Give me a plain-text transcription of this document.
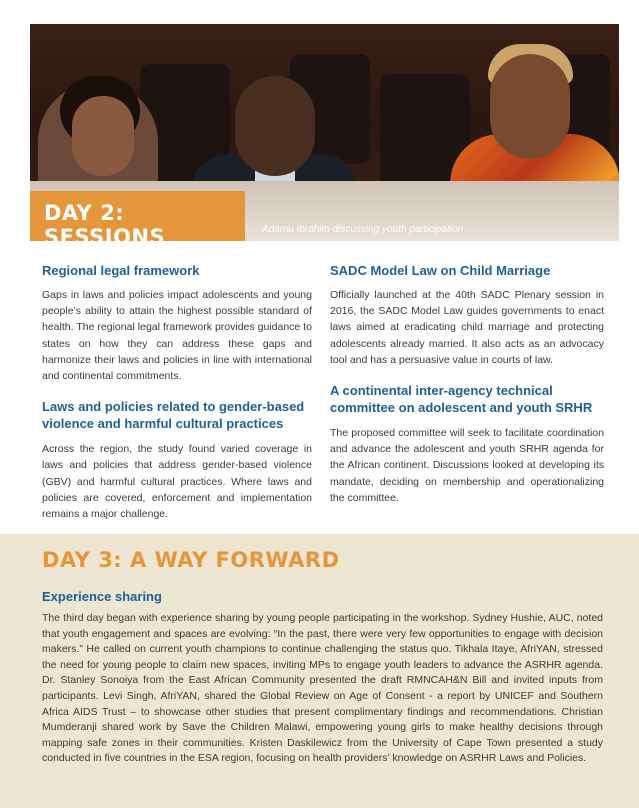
DAY 2: SESSIONS	Adamu Ibrahim discussing youth participation
Regional legal framework

Gaps in laws and policies impact adolescents and young people’s ability to attain the highest possible standard of health. The regional legal framework provides guidance to states on how they can address these gaps and harmonize their laws and policies in line with international and continental commitments.

Laws and policies related to gender-based violence and harmful cultural practices

Across the region, the study found varied coverage in laws and policies that address gender-based violence (GBV) and harmful cultural practices. Where laws and policies are covered, enforcement and implementation remains a major challenge.

SADC Model Law on Child Marriage

Officially launched at the 40th SADC Plenary session in 2016, the SADC Model Law guides governments to enact laws aimed at eradicating child marriage and protecting adolescents already married. It also acts as an advocacy tool and has a persuasive value in courts of law.

A continental inter-agency technical committee on adolescent and youth SRHR

The proposed committee will seek to facilitate coordination and advance the adolescent and youth SRHR agenda for the African continent. Discussions looked at developing its mandate, deciding on membership and operationalizing the committee.

DAY 3: A WAY FORWARD
Experience sharing

The third day began with experience sharing by young people participating in the workshop. Sydney Hushie, AUC, noted that youth engagement and spaces are evolving: “In the past, there were very few opportunities to engage with decision makers.” He called on current youth champions to continue challenging the status quo. Tikhala Itaye, AfriYAN, stressed the need for young people to claim new spaces, inviting MPs to engage youth leaders to advance the ASRHR agenda. Dr. Stanley Sonoiya from the East African Community presented the draft RMNCAH&N Bill and invited inputs from participants. Levi Singh, AfriYAN, shared the Global Review on Age of Consent - a report by UNICEF and Southern Africa AIDS Trust – to showcase other studies that present complimentary findings and recommendations. Christian Mumderanji shared work by Save the Children Malawi, empowering young girls to make healthy decisions through mapping safe zones in their communities. Kristen Daskilewicz from the University of Cape Town presented a study conducted in five countries in the ESA region, focusing on health providers’ knowledge on ASRHR Laws and Policies.
